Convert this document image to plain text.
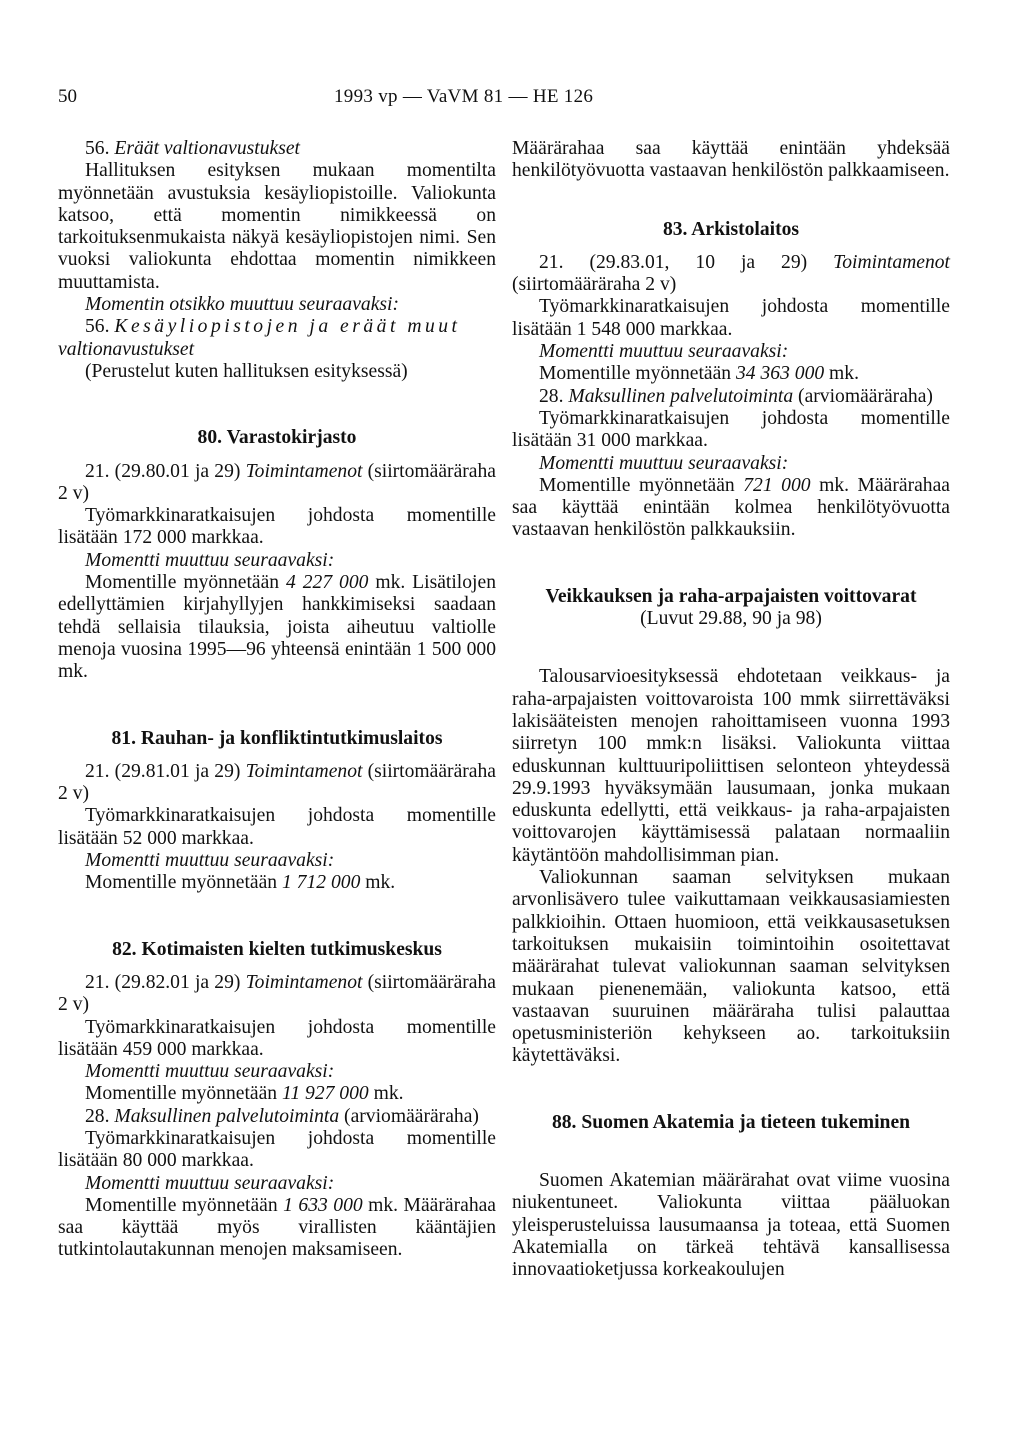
50	1993 vp — VaVM 81 — HE 126

56. Eräät valtionavustukset

Hallituksen esityksen mukaan momentilta myönnetään avustuksia kesäyliopistoille. Valiokunta katsoo, että momentin nimikkeessä on tarkoituksenmukaista näkyä kesäyliopistojen nimi. Sen vuoksi valiokunta ehdottaa momentin nimikkeen muuttamista.

Momentin otsikko muuttuu seuraavaksi:

56. Kesäyliopistojen ja eräät muut

valtionavustukset

(Perustelut kuten hallituksen esityksessä)

80. Varastokirjasto

21. (29.80.01 ja 29) Toimintamenot (siirtomääräraha 2 v)

Työmarkkinaratkaisujen johdosta momentille lisätään 172 000 markkaa.

Momentti muuttuu seuraavaksi:

Momentille myönnetään 4 227 000 mk. Lisätilojen edellyttämien kirjahyllyjen hankkimiseksi saadaan tehdä sellaisia tilauksia, joista aiheutuu valtiolle menoja vuosina 1995—96 yhteensä enintään 1 500 000 mk.

81. Rauhan- ja konfliktintutkimuslaitos

21. (29.81.01 ja 29) Toimintamenot (siirtomääräraha 2 v)

Työmarkkinaratkaisujen johdosta momentille lisätään 52 000 markkaa.

Momentti muuttuu seuraavaksi:

Momentille myönnetään 1 712 000 mk.

82. Kotimaisten kielten tutkimuskeskus

21. (29.82.01 ja 29) Toimintamenot (siirtomääräraha 2 v)

Työmarkkinaratkaisujen johdosta momentille lisätään 459 000 markkaa.

Momentti muuttuu seuraavaksi:

Momentille myönnetään 11 927 000 mk.

28. Maksullinen palvelutoiminta (arviomääräraha)

Työmarkkinaratkaisujen johdosta momentille lisätään 80 000 markkaa.

Momentti muuttuu seuraavaksi:

Momentille myönnetään 1 633 000 mk. Määrärahaa saa käyttää myös virallisten kääntäjien tutkintolautakunnan menojen maksamiseen.

Määrärahaa saa käyttää enintään yhdeksää henkilötyövuotta vastaavan henkilöstön palkkaamiseen.

83. Arkistolaitos

21. (29.83.01, 10 ja 29) Toimintamenot (siirtomääräraha 2 v)

Työmarkkinaratkaisujen johdosta momentille lisätään 1 548 000 markkaa.

Momentti muuttuu seuraavaksi:

Momentille myönnetään 34 363 000 mk.

28. Maksullinen palvelutoiminta (arviomääräraha)

Työmarkkinaratkaisujen johdosta momentille lisätään 31 000 markkaa.

Momentti muuttuu seuraavaksi:

Momentille myönnetään 721 000 mk. Määrärahaa saa käyttää enintään kolmea henkilötyövuotta vastaavan henkilöstön palkkauksiin.

Veikkauksen ja raha-arpajaisten voittovarat

(Luvut 29.88, 90 ja 98)

Talousarvioesityksessä ehdotetaan veikkaus- ja raha-arpajaisten voittovaroista 100 mmk siirrettäväksi lakisääteisten menojen rahoittamiseen vuonna 1993 siirretyn 100 mmk:n lisäksi. Valiokunta viittaa eduskunnan kulttuuripoliittisen selonteon yhteydessä 29.9.1993 hyväksymään lausumaan, jonka mukaan eduskunta edellytti, että veikkaus- ja raha-arpajaisten voittovarojen käyttämisessä palataan normaaliin käytäntöön mahdollisimman pian.

Valiokunnan saaman selvityksen mukaan arvonlisävero tulee vaikuttamaan veikkausasiamiesten palkkioihin. Ottaen huomioon, että veikkausasetuksen tarkoituksen mukaisiin toimintoihin osoitettavat määrärahat tulevat valiokunnan saaman selvityksen mukaan pienenemään, valiokunta katsoo, että vastaavan suuruinen määräraha tulisi palauttaa opetusministeriön kehykseen ao. tarkoituksiin käytettäväksi.

88. Suomen Akatemia ja tieteen tukeminen

Suomen Akatemian määrärahat ovat viime vuosina niukentuneet. Valiokunta viittaa pääluokan yleisperusteluissa lausumaansa ja toteaa, että Suomen Akatemialla on tärkeä tehtävä kansallisessa innovaatioketjussa korkeakoulujen
